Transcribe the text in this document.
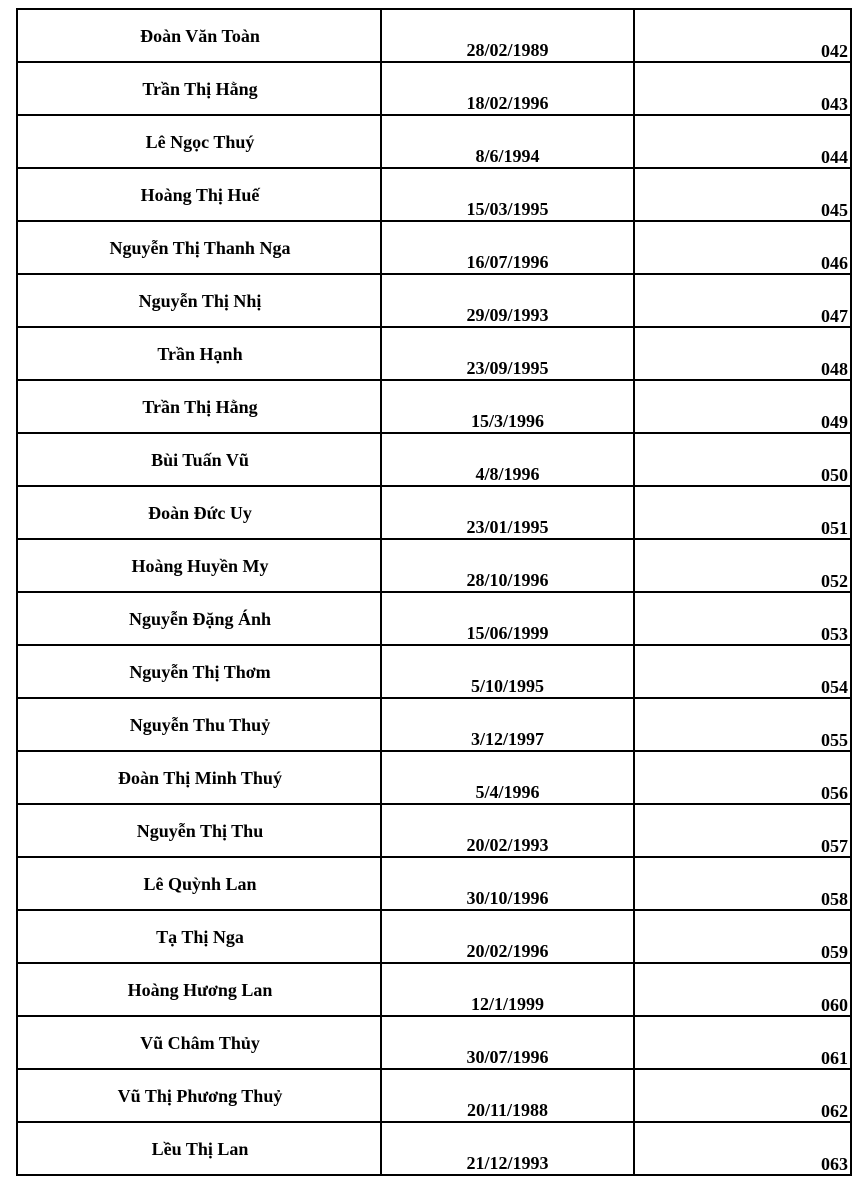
Đoàn Văn Toàn	28/02/1989	042

Trần Thị Hằng	18/02/1996	043

Lê Ngọc Thuý	8/6/1994	044

Hoàng Thị Huế	15/03/1995	045

Nguyễn Thị Thanh Nga	16/07/1996	046

Nguyễn Thị Nhị	29/09/1993	047

Trần Hạnh	23/09/1995	048

Trần Thị Hằng	15/3/1996	049

Bùi Tuấn Vũ	4/8/1996	050

Đoàn Đức Uy	23/01/1995	051

Hoàng Huyền My	28/10/1996	052

Nguyễn Đặng Ánh	15/06/1999	053

Nguyễn Thị Thơm	5/10/1995	054

Nguyễn Thu Thuỷ	3/12/1997	055

Đoàn Thị Minh Thuý	5/4/1996	056

Nguyễn Thị Thu	20/02/1993	057

Lê Quỳnh Lan	30/10/1996	058

Tạ Thị Nga	20/02/1996	059

Hoàng Hương Lan	12/1/1999	060

Vũ Châm Thủy	30/07/1996	061

Vũ Thị Phương Thuỷ	20/11/1988	062

Lều Thị Lan	21/12/1993	063
